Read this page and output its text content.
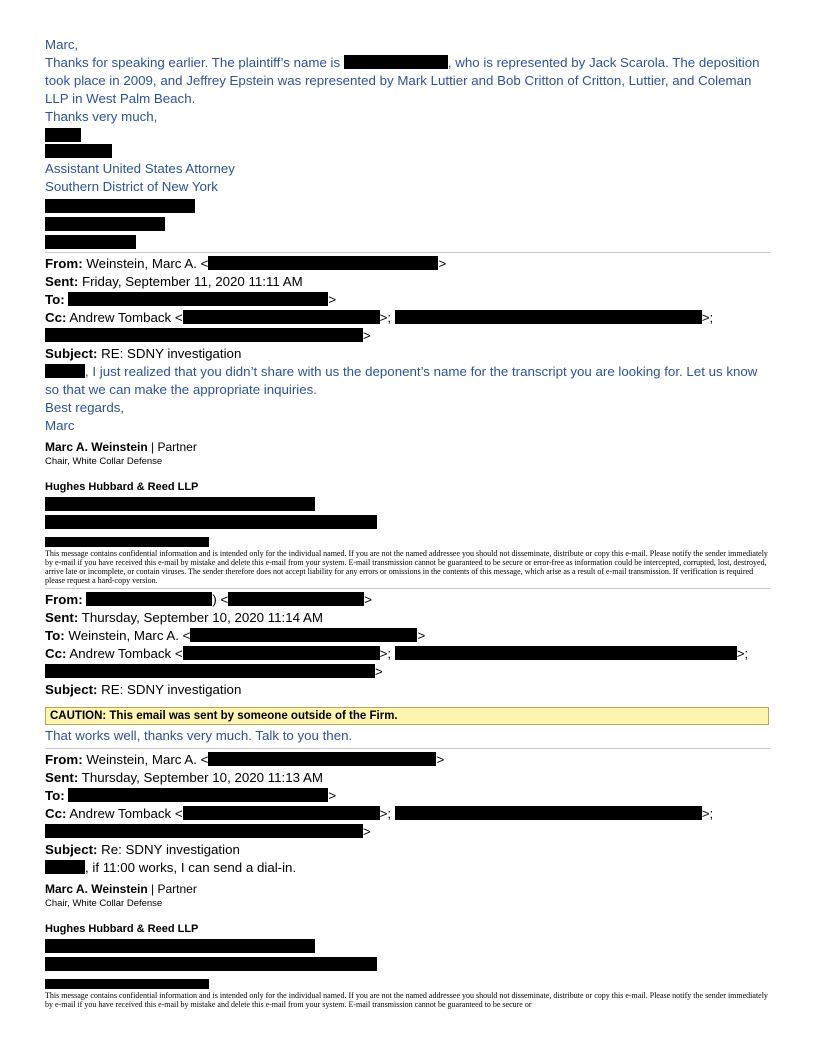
Marc,

Thanks for speaking earlier. The plaintiff’s name is	, who is represented by Jack Scarola. The deposition

took place in 2009, and Jeffrey Epstein was represented by Mark Luttier and Bob Critton of Critton, Luttier, and Coleman

LLP in West Palm Beach.

Thanks very much,

Assistant United States Attorney

Southern District of New York

From: Weinstein, Marc A. <	>

Sent: Friday, September 11, 2020 11:11 AM

To:	>

Cc: Andrew Tomback <	>;	>;

>

Subject: RE: SDNY investigation

, I just realized that you didn’t share with us the deponent’s name for the transcript you are looking for. Let us know

so that we can make the appropriate inquiries.

Best regards,

Marc

Marc A. Weinstein | Partner

Chair, White Collar Defense

Hughes Hubbard & Reed LLP

This message contains confidential information and is intended only for the individual named. If you are not the named addressee you should not disseminate, distribute or copy this e-mail. Please notify the sender immediately by e-mail if you have received this e-mail by mistake and delete this e-mail from your system. E-mail transmission cannot be guaranteed to be secure or error-free as information could be intercepted, corrupted, lost, destroyed, arrive late or incomplete, or contain viruses. The sender therefore does not accept liability for any errors or omissions in the contents of this message, which arise as a result of e-mail transmission. If verification is required please request a hard-copy version.

From:	) <	>

Sent: Thursday, September 10, 2020 11:14 AM

To: Weinstein, Marc A. <	>

Cc: Andrew Tomback <	>;	>;

>

Subject: RE: SDNY investigation

CAUTION: This email was sent by someone outside of the Firm.

That works well, thanks very much. Talk to you then.

From: Weinstein, Marc A. <	>

Sent: Thursday, September 10, 2020 11:13 AM

To:	>

Cc: Andrew Tomback <	>;	>;

>

Subject: Re: SDNY investigation

, if 11:00 works, I can send a dial-in.

Marc A. Weinstein | Partner

Chair, White Collar Defense

Hughes Hubbard & Reed LLP

This message contains confidential information and is intended only for the individual named. If you are not the named addressee you should not disseminate, distribute or copy this e-mail. Please notify the sender immediately by e-mail if you have received this e-mail by mistake and delete this e-mail from your system. E-mail transmission cannot be guaranteed to be secure or
